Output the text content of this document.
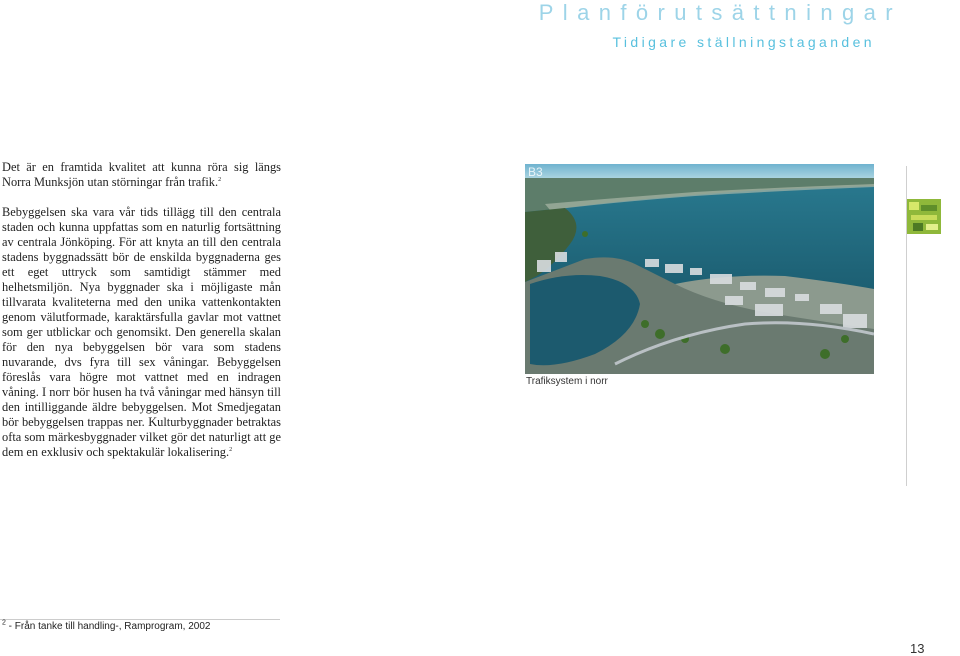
Planförutsättningar
Tidigare ställningstaganden

Det är en framtida kvalitet att kunna röra sig längs Norra Munksjön utan störningar från trafik.$^2$

Bebyggelsen ska vara vår tids tillägg till den centrala staden och kunna uppfattas som en naturlig fortsättning av centrala Jönköping. För att knyta an till den centrala stadens byggnadssätt bör de enskilda byggnaderna ges ett eget uttryck som samtidigt stämmer med helhetsmiljön. Nya byggnader ska i möjligaste mån tillvarata kvaliteterna med den unika vattenkontakten genom välutformade, karaktärsfulla gavlar mot vattnet som ger utblickar och genomsikt. Den generella skalan för den nya bebyggelsen bör vara som stadens nuvarande, dvs fyra till sex våningar. Bebyggelsen föreslås vara högre mot vattnet med en indragen våning. I norr bör husen ha två våningar med hänsyn till den intilliggande äldre bebyggelsen. Mot Smedjegatan bör bebyggelsen trappas ner. Kulturbyggnader betraktas ofta som märkesbyggnader vilket gör det naturligt att ge dem en exklusiv och spektakulär lokalisering.$^2$

B3
Trafiksystem i norr
$^2$ - Från tanke till handling-, Ramprogram, 2002
13
